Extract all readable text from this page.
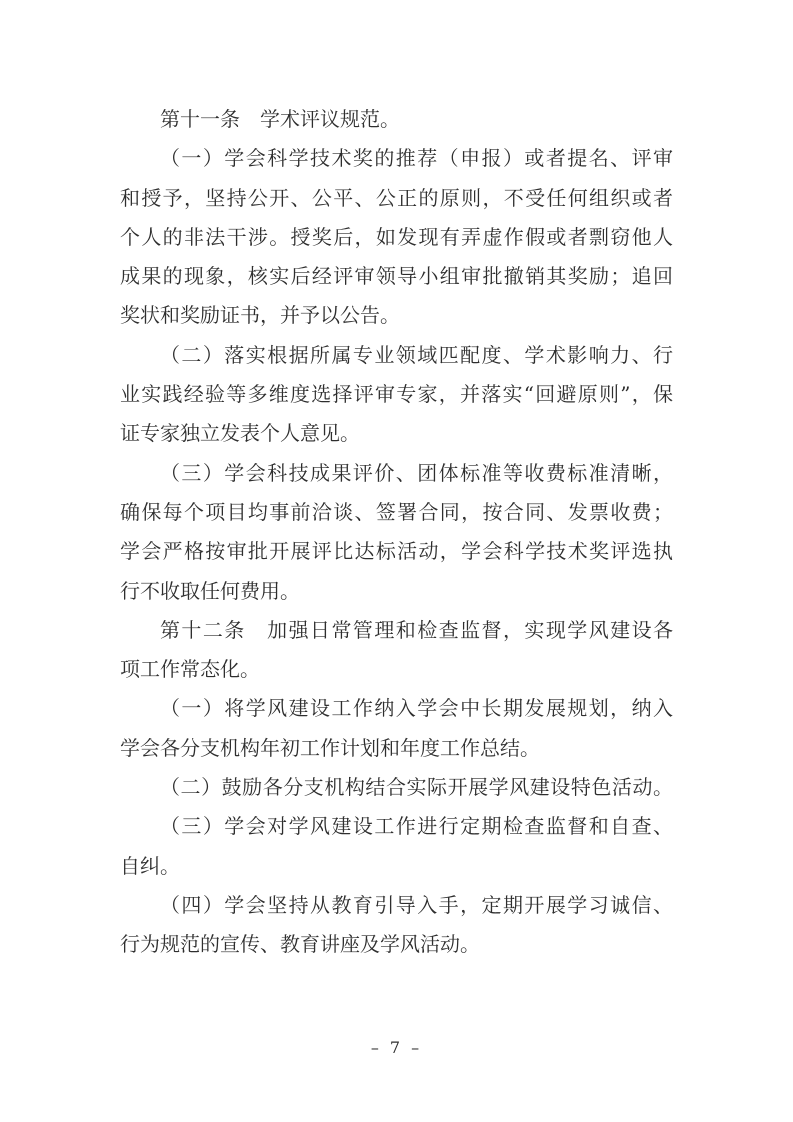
第十一条　学术评议规范。
（一）学会科学技术奖的推荐（申报）或者提名、评审
和授予，坚持公开、公平、公正的原则，不受任何组织或者
个人的非法干涉。授奖后，如发现有弄虚作假或者剽窃他人
成果的现象，核实后经评审领导小组审批撤销其奖励；追回
奖状和奖励证书，并予以公告。
（二）落实根据所属专业领域匹配度、学术影响力、行
业实践经验等多维度选择评审专家，并落实“回避原则”，保
证专家独立发表个人意见。
（三）学会科技成果评价、团体标准等收费标准清晰，
确保每个项目均事前洽谈、签署合同，按合同、发票收费；
学会严格按审批开展评比达标活动，学会科学技术奖评选执
行不收取任何费用。
第十二条　加强日常管理和检查监督，实现学风建设各
项工作常态化。
（一）将学风建设工作纳入学会中长期发展规划，纳入
学会各分支机构年初工作计划和年度工作总结。
（二）鼓励各分支机构结合实际开展学风建设特色活动。
（三）学会对学风建设工作进行定期检查监督和自查、
自纠。
（四）学会坚持从教育引导入手，定期开展学习诚信、
行为规范的宣传、教育讲座及学风活动。
– 7 –
